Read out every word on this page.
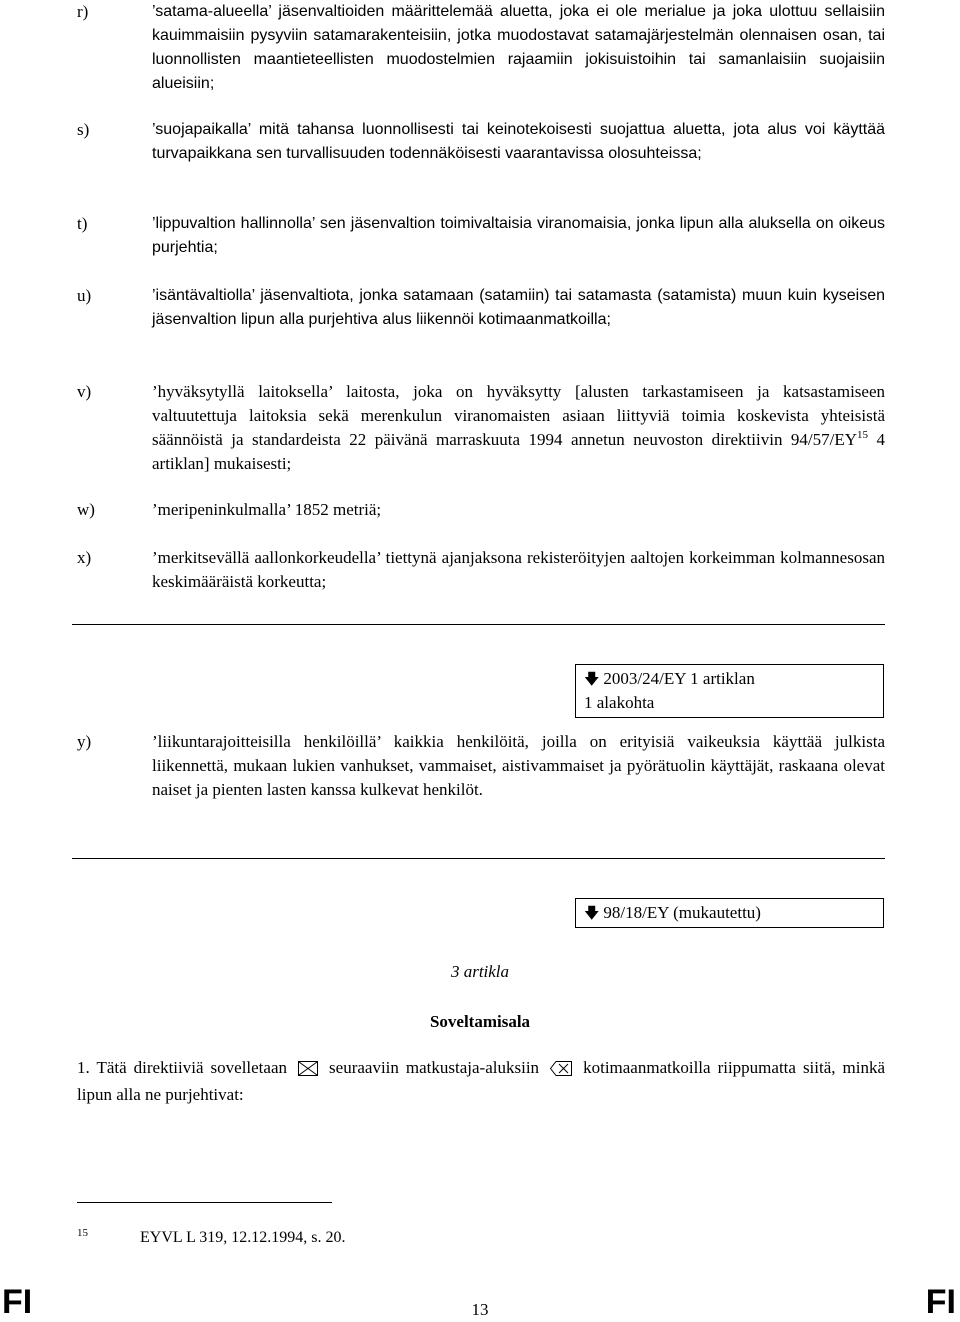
r)	’satama-alueella’ jäsenvaltioiden määrittelemää aluetta, joka ei ole merialue ja joka ulottuu sellaisiin kauimmaisiin pysyviin satamarakenteisiin, jotka muodostavat satamajärjestelmän olennaisen osan, tai luonnollisten maantieteellisten muodostelmien rajaamiin jokisuistoihin tai samanlaisiin suojaisiin alueisiin;
s)	’suojapaikalla’ mitä tahansa luonnollisesti tai keinotekoisesti suojattua aluetta, jota alus voi käyttää turvapaikkana sen turvallisuuden todennäköisesti vaarantavissa olosuhteissa;
t)	’lippuvaltion hallinnolla’ sen jäsenvaltion toimivaltaisia viranomaisia, jonka lipun alla aluksella on oikeus purjehtia;
u)	’isäntävaltiolla’ jäsenvaltiota, jonka satamaan (satamiin) tai satamasta (satamista) muun kuin kyseisen jäsenvaltion lipun alla purjehtiva alus liikennöi kotimaanmatkoilla;
v)	’hyväksytyllä laitoksella’ laitosta, joka on hyväksytty [alusten tarkastamiseen ja katsastamiseen valtuutettuja laitoksia sekä merenkulun viranomaisten asiaan liittyviä toimia koskevista yhteisistä säännöistä ja standardeista 22 päivänä marraskuuta 1994 annetun neuvoston direktiivin 94/57/EY$^{15}$ 4 artiklan] mukaisesti;
w)	’meripeninkulmalla’ 1852 metriä;
x)	’merkitsevällä aallonkorkeudella’ tiettynä ajanjaksona rekisteröityjen aaltojen korkeimman kolmannesosan keskimääräistä korkeutta;
🡇 2003/24/EY 1 artiklan
1 alakohta
y)	’liikuntarajoitteisilla henkilöillä’ kaikkia henkilöitä, joilla on erityisiä vaikeuksia käyttää julkista liikennettä, mukaan lukien vanhukset, vammaiset, aistivammaiset ja pyörätuolin käyttäjät, raskaana olevat naiset ja pienten lasten kanssa kulkevat henkilöt.
🡇 98/18/EY (mukautettu)
3 artikla
Soveltamisala
1. Tätä direktiiviä sovelletaan seuraaviin matkustaja-aluksiin	kotimaanmatkoilla riippumatta siitä, minkä lipun alla ne purjehtivat:
$^{15}$	EYVL L 319, 12.12.1994, s. 20.
FI	13	FI
